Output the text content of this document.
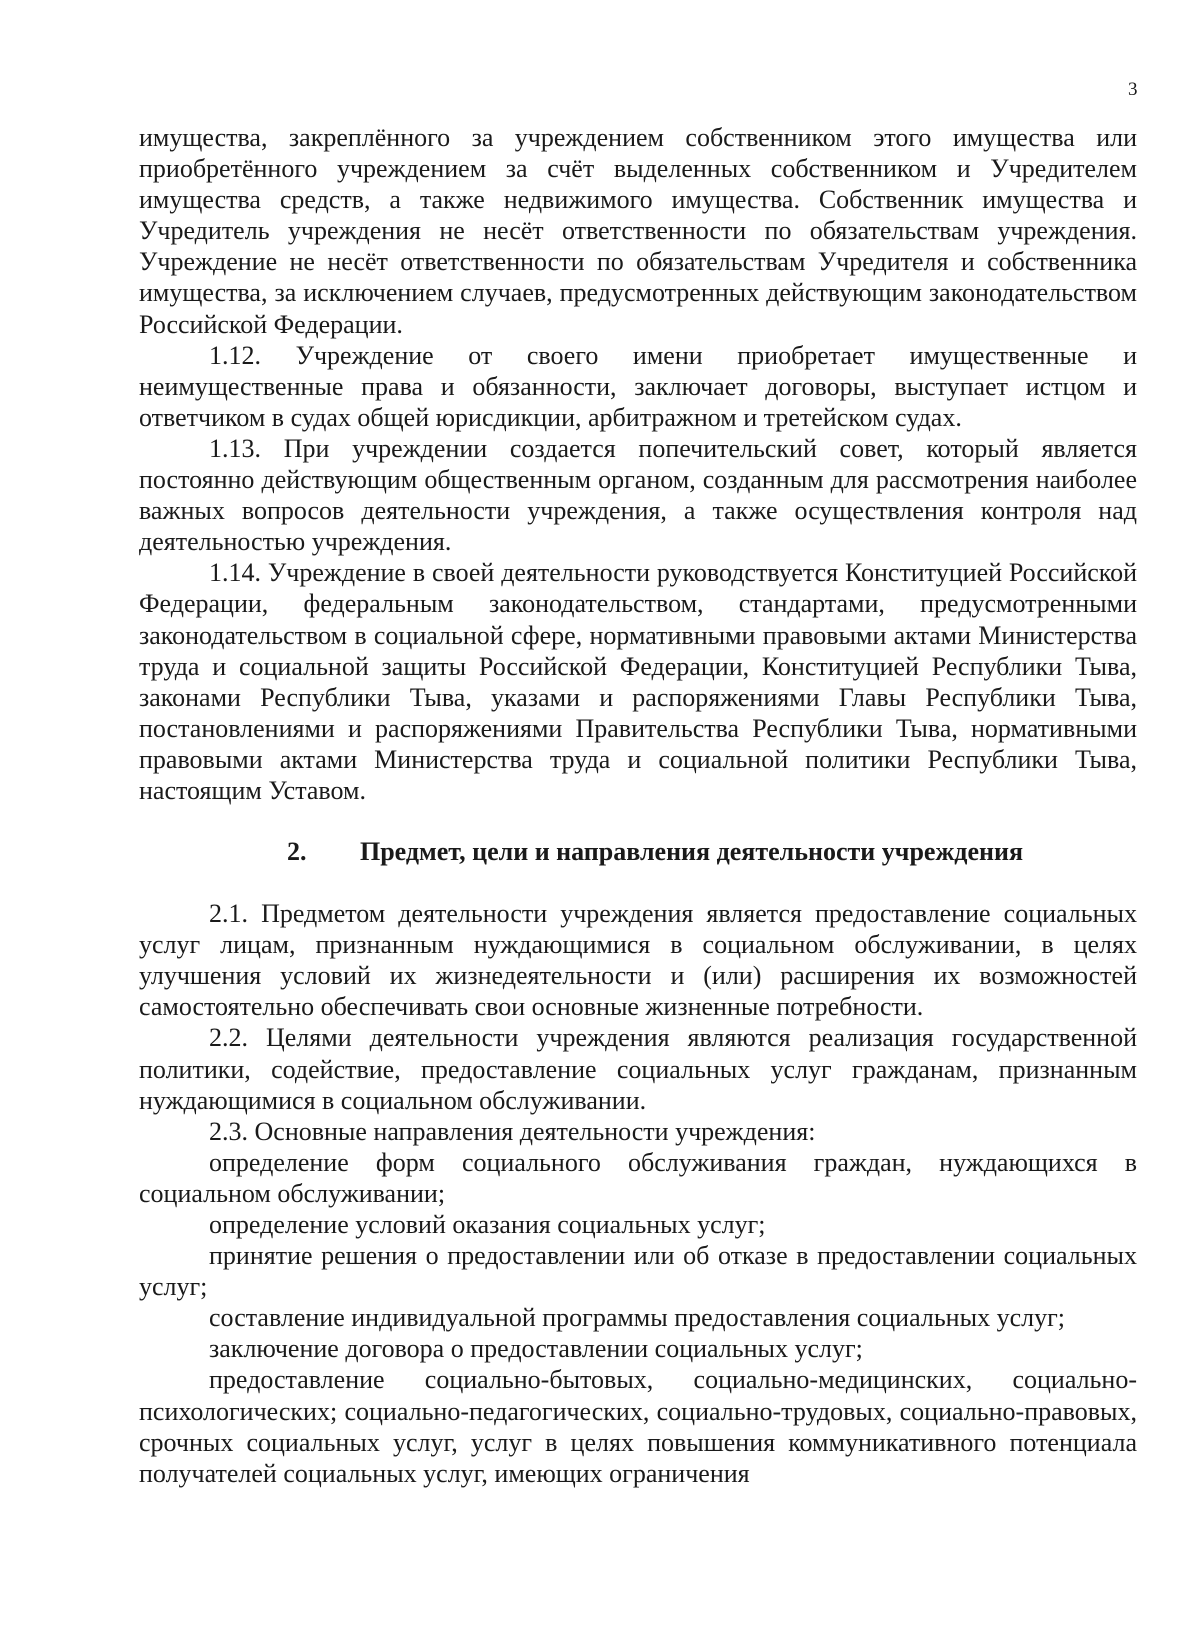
3

имущества, закреплённого за учреждением собственником этого имущества или приобретённого учреждением за счёт выделенных собственником и Учредителем имущества средств, а также недвижимого имущества. Собственник имущества и Учредитель учреждения не несёт ответственности по обязательствам учреждения. Учреждение не несёт ответственности по обязательствам Учредителя и собственника имущества, за исключением случаев, предусмотренных действующим законодательством Российской Федерации.

1.12. Учреждение от своего имени приобретает имущественные и неимущественные права и обязанности, заключает договоры, выступает истцом и ответчиком в судах общей юрисдикции, арбитражном и третейском судах.

1.13. При учреждении создается попечительский совет, который является постоянно действующим общественным органом, созданным для рассмотрения наиболее важных вопросов деятельности учреждения, а также осуществления контроля над деятельностью учреждения.

1.14. Учреждение в своей деятельности руководствуется Конституцией Российской Федерации, федеральным законодательством, стандартами, предусмотренными законодательством в социальной сфере, нормативными правовыми актами Министерства труда и социальной защиты Российской Федерации, Конституцией Республики Тыва, законами Республики Тыва, указами и распоряжениями Главы Республики Тыва, постановлениями и распоряжениями Правительства Республики Тыва, нормативными правовыми актами Министерства труда и социальной политики Республики Тыва, настоящим Уставом.

2. Предмет, цели и направления деятельности учреждения

2.1. Предметом деятельности учреждения является предоставление социальных услуг лицам, признанным нуждающимися в социальном обслуживании, в целях улучшения условий их жизнедеятельности и (или) расширения их возможностей самостоятельно обеспечивать свои основные жизненные потребности.

2.2. Целями деятельности учреждения являются реализация государственной политики, содействие, предоставление социальных услуг гражданам, признанным нуждающимися в социальном обслуживании.

2.3. Основные направления деятельности учреждения:

определение форм социального обслуживания граждан, нуждающихся в социальном обслуживании;

определение условий оказания социальных услуг;

принятие решения о предоставлении или об отказе в предоставлении социальных услуг;

составление индивидуальной программы предоставления социальных услуг;

заключение договора о предоставлении социальных услуг;

предоставление социально-бытовых, социально-медицинских, социально-психологических; социально-педагогических, социально-трудовых, социально-правовых, срочных социальных услуг, услуг в целях повышения коммуникативного потенциала получателей социальных услуг, имеющих ограничения
